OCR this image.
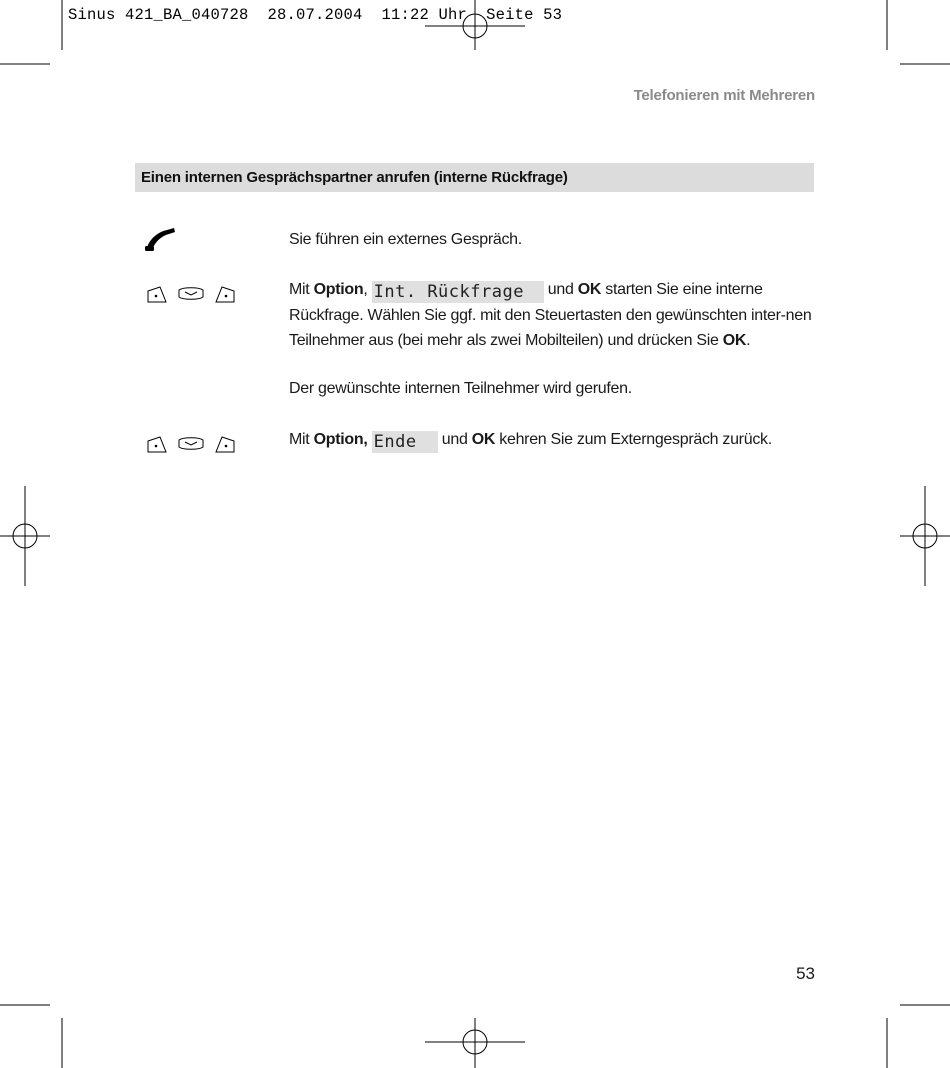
Sinus 421_BA_040728  28.07.2004  11:22 Uhr  Seite 53
Telefonieren mit Mehreren
Einen internen Gesprächspartner anrufen (interne Rückfrage)
Sie führen ein externes Gespräch.
Mit Option, Int. Rückfrage und OK starten Sie eine interne Rückfrage. Wählen Sie ggf. mit den Steuertasten den gewünschten inter-nen Teilnehmer aus (bei mehr als zwei Mobilteilen) und drücken Sie OK.
Der gewünschte internen Teilnehmer wird gerufen.
Mit Option, Ende und OK kehren Sie zum Externgespräch zurück.
53
